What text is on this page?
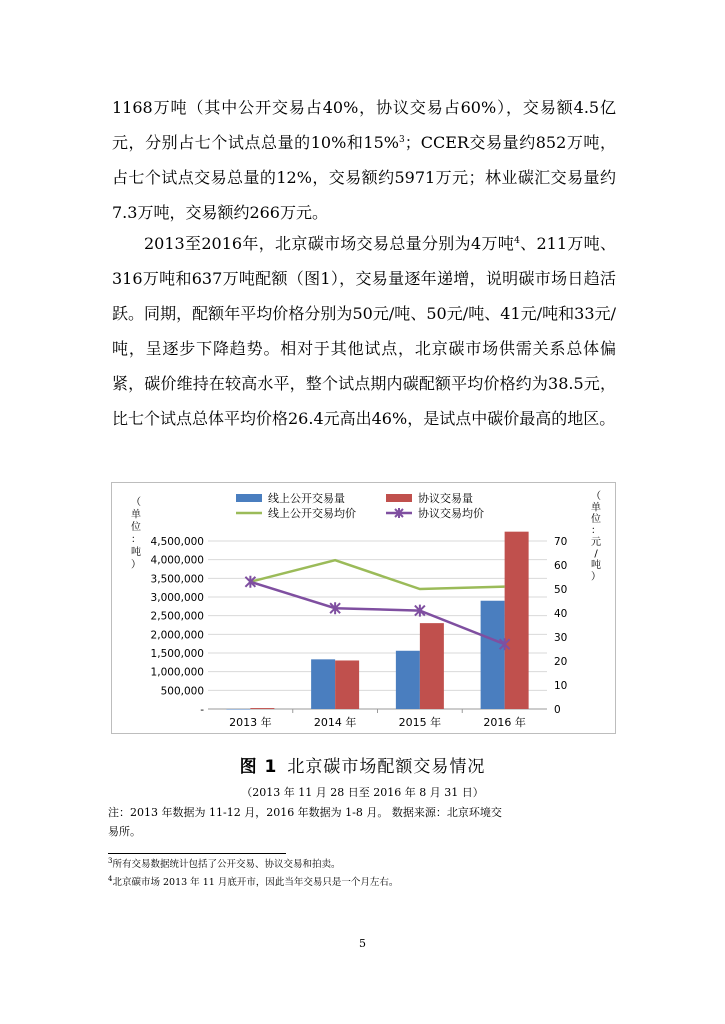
1168万吨（其中公开交易占40%，协议交易占60%），交易额4.5亿元，分别占七个试点总量的10%和15%$^3$；CCER交易量约852万吨，占七个试点交易总量的12%，交易额约5971万元；林业碳汇交易量约7.3万吨，交易额约266万元。
2013至2016年，北京碳市场交易总量分别为4万吨$^4$、211万吨、316万吨和637万吨配额（图1），交易量逐年递增，说明碳市场日趋活跃。同期，配额年平均价格分别为50元/吨、50元/吨、41元/吨和33元/吨，呈逐步下降趋势。相对于其他试点，北京碳市场供需关系总体偏紧，碳价维持在较高水平，整个试点期内碳配额平均价格约为38.5元，比七个试点总体平均价格26.4元高出46%，是试点中碳价最高的地区。
-
500,000
1,000,000
1,500,000
2,000,000
2,500,000
3,000,000
3,500,000
4,000,000
4,500,000
0
10
20
30
40
50
60
70
2013 年	2014 年	2015 年	2016 年
（
单
位
：
吨
）
（
单
位
：
元
/
吨
）
线上公开交易量	协议交易量
线上公开交易均价	协议交易均价
图 1 北京碳市场配额交易情况
（2013 年 11 月 28 日至 2016 年 8 月 31 日）
注：2013 年数据为 11-12 月，2016 年数据为 1-8 月。 数据来源：北京环境交易所。
$^3$所有交易数据统计包括了公开交易、协议交易和拍卖。
$^4$北京碳市场 2013 年 11 月底开市，因此当年交易只是一个月左右。
5
